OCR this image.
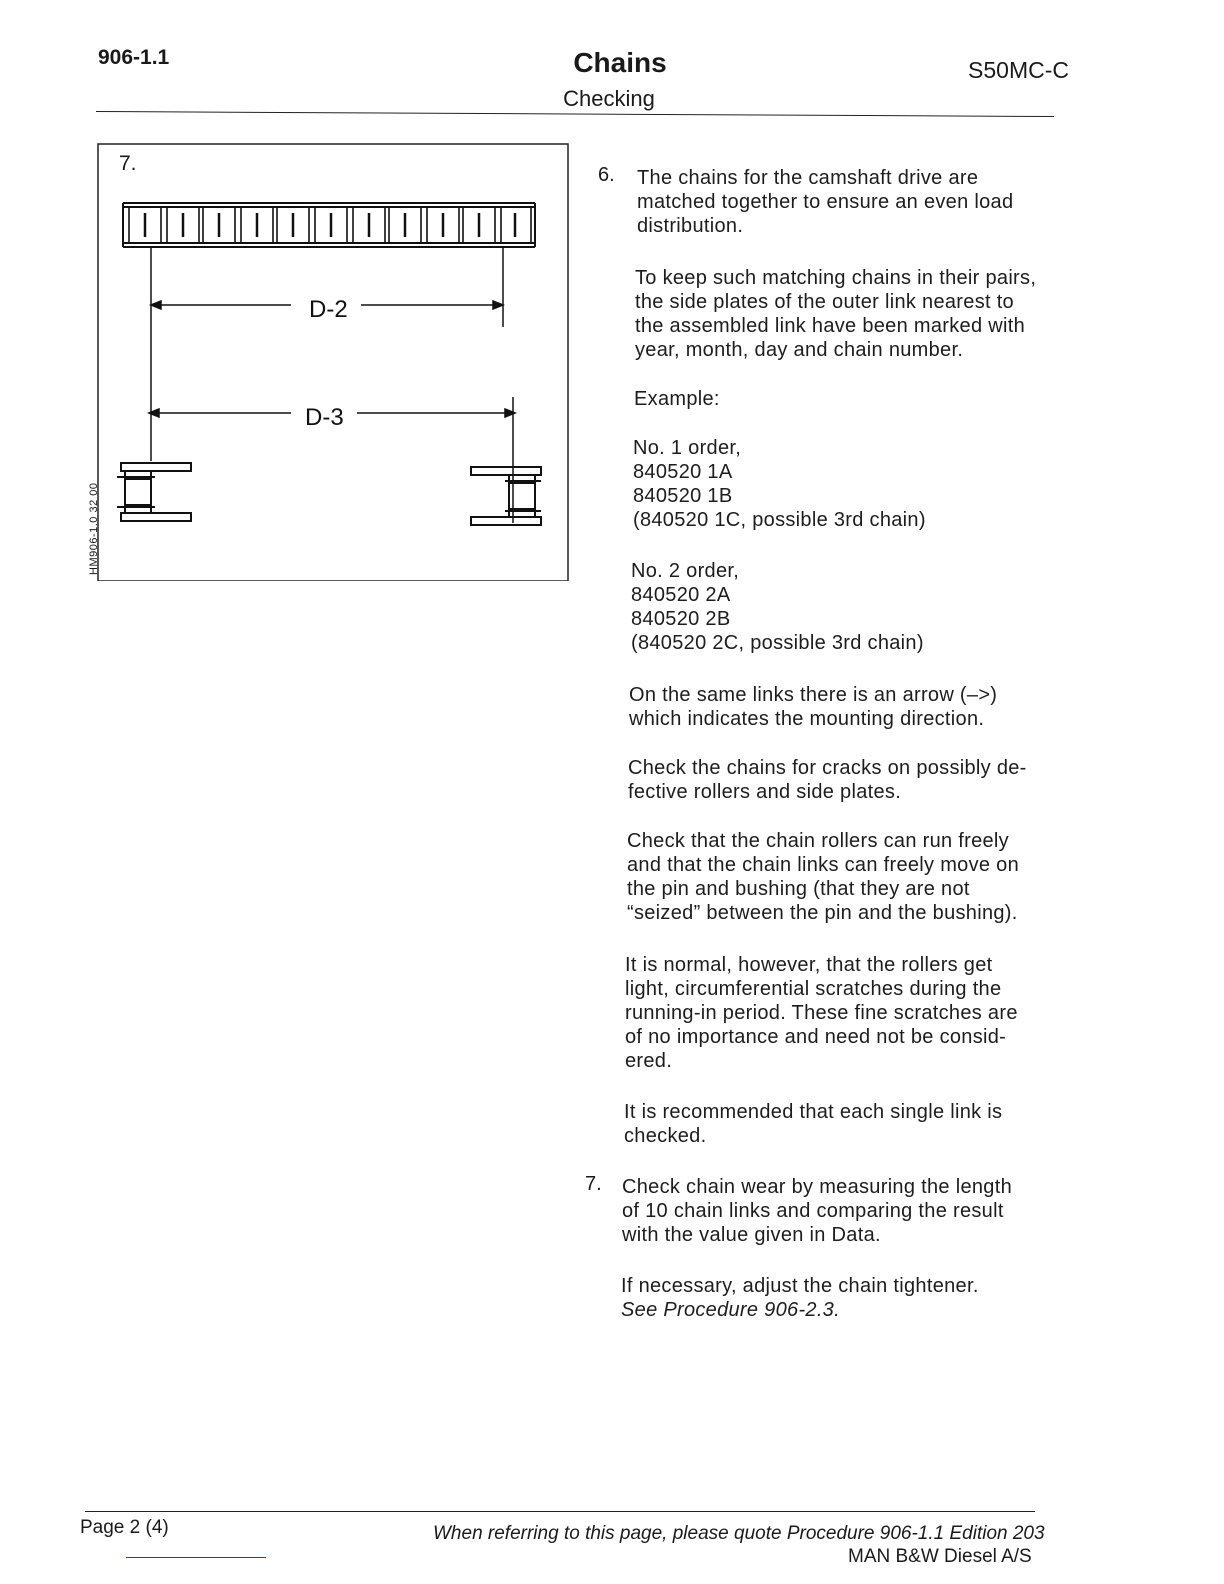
906-1.1	Chains
Checking
S50MC-C
D-2
D-3
7.
HM906-1.0 32 00
6. The chains for the camshaft drive are
matched together to ensure an even load
distribution.
To keep such matching chains in their pairs,
the side plates of the outer link nearest to
the assembled link have been marked with
year, month, day and chain number.
Example:
No. 1 order,
840520 1A
840520 1B
(840520 1C, possible 3rd chain)
No. 2 order,
840520 2A
840520 2B
(840520 2C, possible 3rd chain)
On the same links there is an arrow (–>)
which indicates the mounting direction.
Check the chains for cracks on possibly de-
fective rollers and side plates.
Check that the chain rollers can run freely
and that the chain links can freely move on
the pin and bushing (that they are not
“seized” between the pin and the bushing).
It is normal, however, that the rollers get
light, circumferential scratches during the
running-in period. These fine scratches are
of no importance and need not be consid-
ered.
It is recommended that each single link is
checked.
7. Check chain wear by measuring the length
of 10 chain links and comparing the result
with the value given in Data.
If necessary, adjust the chain tightener.
See Procedure 906-2.3.
Page 2 (4)	When referring to this page, please quote Procedure 906-1.1 Edition 203
MAN B&W Diesel A/S
